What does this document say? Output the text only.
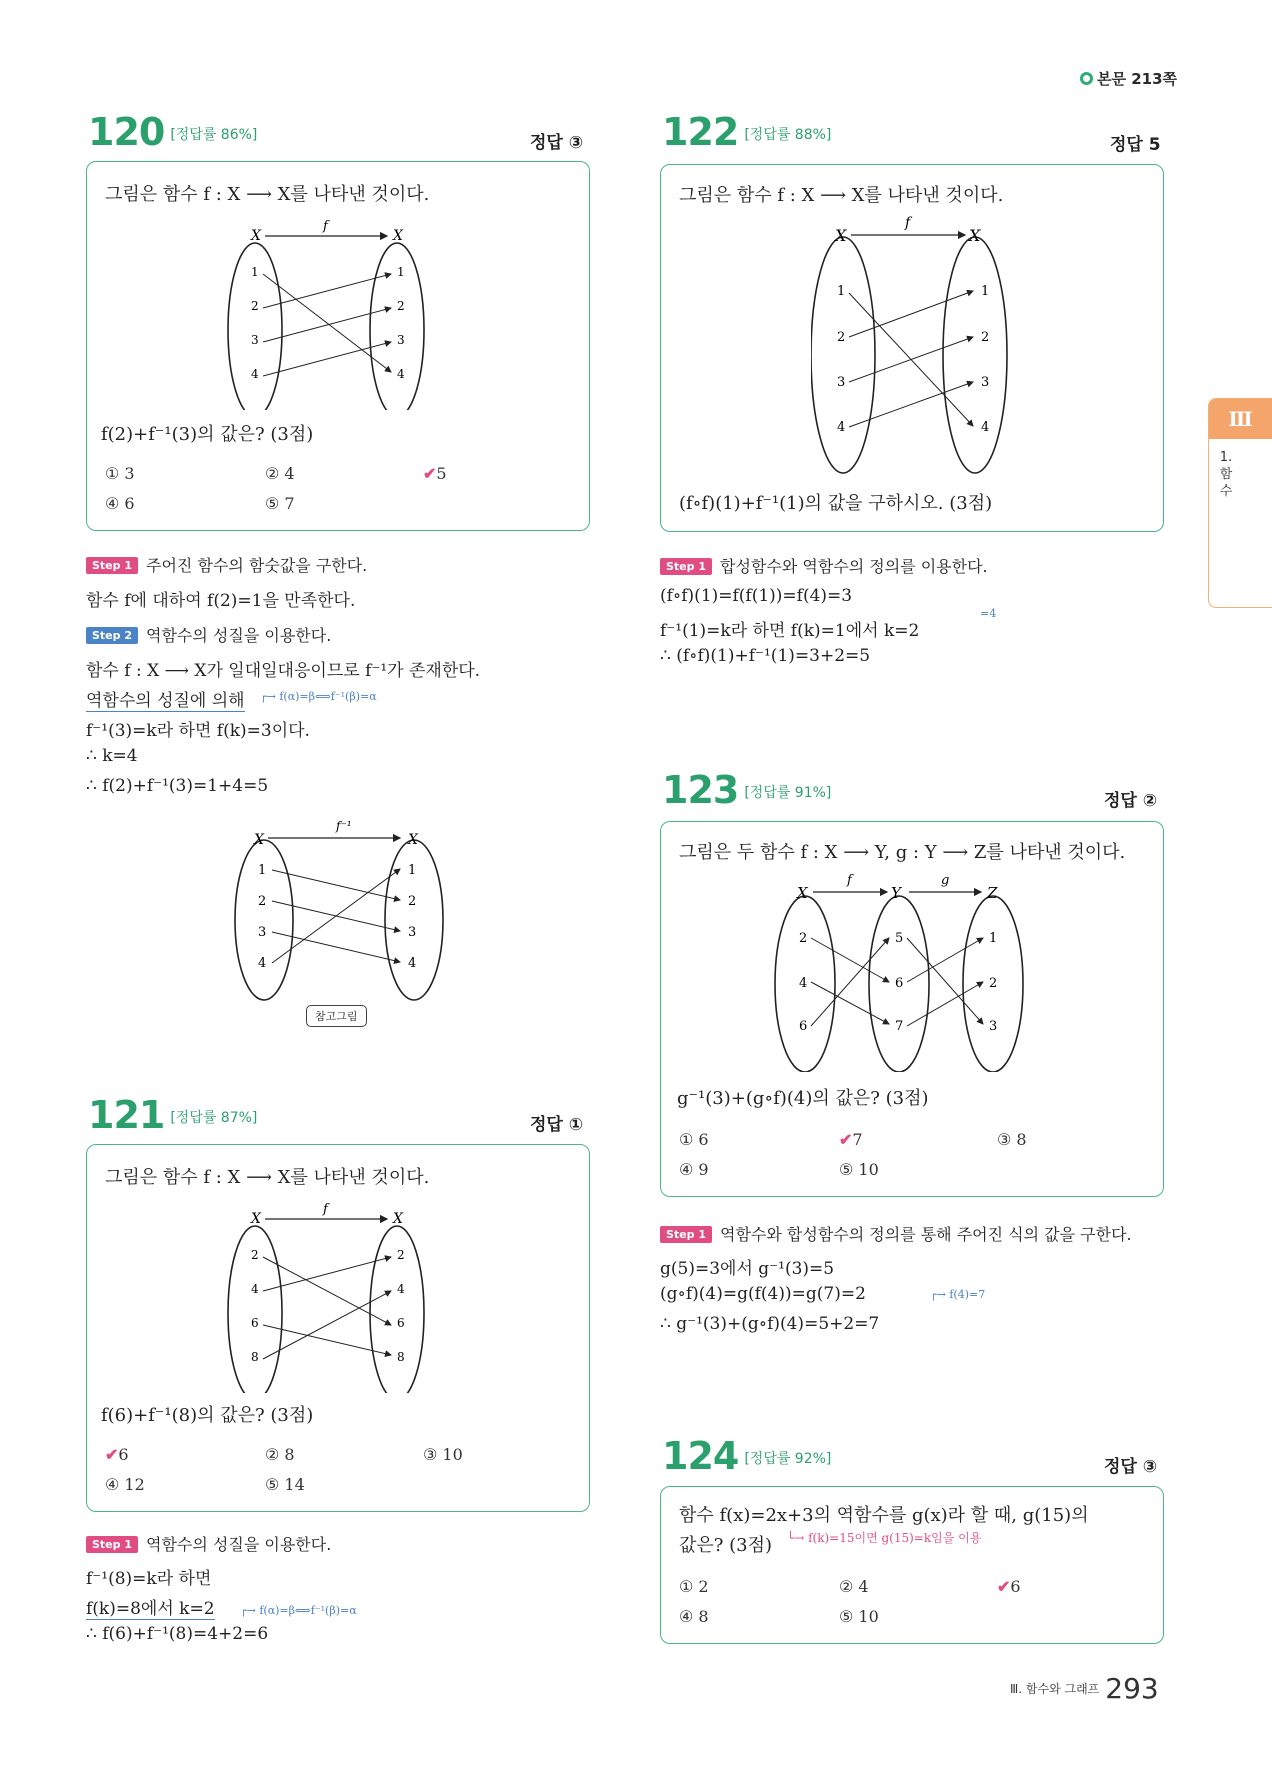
본문 213쪽
120 [정답률 86%]	정답 ③
그림은 함수 f : X ⟶ X를 나타낸 것이다.
X	X
f
1
2
3
4
1
2
3
4
f(2)+f⁻¹(3)의 값은? (3점)
① 3	② 4	✔5
④ 6	⑤ 7
Step 1 주어진 함수의 함숫값을 구한다.
함수 f에 대하여 f(2)=1을 만족한다.
Step 2 역함수의 성질을 이용한다.
함수 f : X ⟶ X가 일대일대응이므로 f⁻¹가 존재한다.
역함수의 성질에 의해 ┌→ f(α)=β⟺f⁻¹(β)=α
f⁻¹(3)=k라 하면 f(k)=3이다.
∴ k=4
∴ f(2)+f⁻¹(3)=1+4=5
X	X
f⁻¹
1
2
3
4
1
2
3
4
참고그림
121 [정답률 87%]	정답 ①
그림은 함수 f : X ⟶ X를 나타낸 것이다.
X	X
f
2
4
6
8
2
4
6
8
f(6)+f⁻¹(8)의 값은? (3점)
✔6	② 8	③ 10
④ 12	⑤ 14
Step 1 역함수의 성질을 이용한다.
f⁻¹(8)=k라 하면
f(k)=8에서 k=2 ┌→ f(α)=β⟺f⁻¹(β)=α
∴ f(6)+f⁻¹(8)=4+2=6
122 [정답률 88%]	정답 5
그림은 함수 f : X ⟶ X를 나타낸 것이다.
X	X
f
1
2
3
4
1
2
3
4
(f∘f)(1)+f⁻¹(1)의 값을 구하시오. (3점)
Step 1 합성함수와 역함수의 정의를 이용한다.
(f∘f)(1)=f(f(1))=f(4)=3
f⁻¹(1)=k라 하면 f(k)=1에서 k=2
=4
∴ (f∘f)(1)+f⁻¹(1)=3+2=5
123 [정답률 91%]	정답 ②
그림은 두 함수 f : X ⟶ Y, g : Y ⟶ Z를 나타낸 것이다.
X	Y	Z
f	g
2
4
6
5
6
7
1
2
3
g⁻¹(3)+(g∘f)(4)의 값은? (3점)
① 6	✔7	③ 8
④ 9	⑤ 10
Step 1 역함수와 합성함수의 정의를 통해 주어진 식의 값을 구한다.
g(5)=3에서 g⁻¹(3)=5
(g∘f)(4)=g(f(4))=g(7)=2	┌→ f(4)=7
∴ g⁻¹(3)+(g∘f)(4)=5+2=7
124 [정답률 92%]	정답 ③
함수 f(x)=2x+3의 역함수를 g(x)라 할 때, g(15)의
값은? (3점) └→ f(k)=15이면 g(15)=k임을 이용
① 2	② 4	✔6
④ 8	⑤ 10
Ⅲ
1. 함수
$^{Ⅲ. 함수와 그래프}$ 293
